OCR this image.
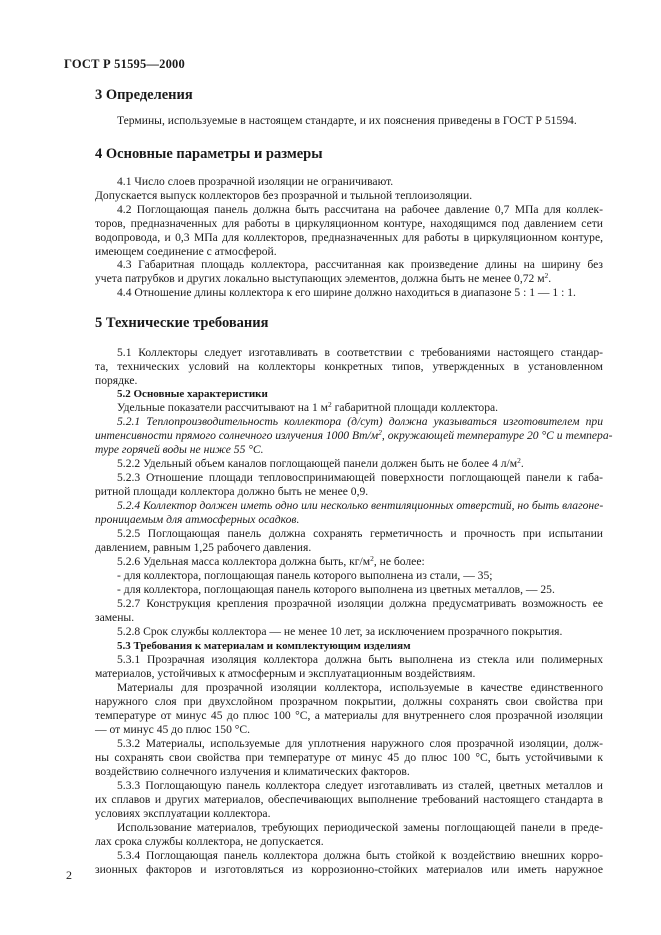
ГОСТ Р 51595—2000
3 Определения
Термины, используемые в настоящем стандарте, и их пояснения приведены в ГОСТ Р 51594.
4 Основные параметры и размеры
4.1 Число слоев прозрачной изоляции не ограничивают.
Допускается выпуск коллекторов без прозрачной и тыльной теплоизоляции.
4.2 Поглощающая панель должна быть рассчитана на рабочее давление 0,7 МПа для коллек-
торов, предназначенных для работы в циркуляционном контуре, находящимся под давлением сети
водопровода, и 0,3 МПа для коллекторов, предназначенных для работы в циркуляционном контуре,
имеющем соединение с атмосферой.
4.3 Габаритная площадь коллектора, рассчитанная как произведение длины на ширину без
учета патрубков и других локально выступающих элементов, должна быть не менее 0,72 $м^2$.
4.4 Отношение длины коллектора к его ширине должно находиться в диапазоне 5 : 1 — 1 : 1.
5 Технические требования
5.1 Коллекторы следует изготавливать в соответствии с требованиями настоящего стандар-
та, технических условий на коллекторы конкретных типов, утвержденных в установленном
порядке.
5.2 Основные характеристики
Удельные показатели рассчитывают на 1 $м^2$ габаритной площади коллектора.
5.2.1 Теплопроизводительность коллектора (д/сут) должна указываться изготовителем при
интенсивности прямого солнечного излучения 1000 $Вт/м^2$, окружающей температуре 20 °С и темпера-
туре горячей воды не ниже 55 °С.
5.2.2 Удельный объем каналов поглощающей панели должен быть не более 4 $л/м^2$.
5.2.3 Отношение площади тепловоспринимающей поверхности поглощающей панели к габа-
ритной площади коллектора должно быть не менее 0,9.
5.2.4 Коллектор должен иметь одно или несколько вентиляционных отверстий, но быть влагоне-
проницаемым для атмосферных осадков.
5.2.5 Поглощающая панель должна сохранять герметичность и прочность при испытании
давлением, равным 1,25 рабочего давления.
5.2.6 Удельная масса коллектора должна быть, $кг/м^2$, не более:
- для коллектора, поглощающая панель которого выполнена из стали, — 35;
- для коллектора, поглощающая панель которого выполнена из цветных металлов, — 25.
5.2.7 Конструкция крепления прозрачной изоляции должна предусматривать возможность ее
замены.
5.2.8 Срок службы коллектора — не менее 10 лет, за исключением прозрачного покрытия.
5.3 Требования к материалам и комплектующим изделиям
5.3.1 Прозрачная изоляция коллектора должна быть выполнена из стекла или полимерных
материалов, устойчивых к атмосферным и эксплуатационным воздействиям.
Материалы для прозрачной изоляции коллектора, используемые в качестве единственного
наружного слоя при двухслойном прозрачном покрытии, должны сохранять свои свойства при
температуре от минус 45 до плюс 100 °С, а материалы для внутреннего слоя прозрачной изоляции
— от минус 45 до плюс 150 °С.
5.3.2 Материалы, используемые для уплотнения наружного слоя прозрачной изоляции, долж-
ны сохранять свои свойства при температуре от минус 45 до плюс 100 °С, быть устойчивыми к
воздействию солнечного излучения и климатических факторов.
5.3.3 Поглощающую панель коллектора следует изготавливать из сталей, цветных металлов и
их сплавов и других материалов, обеспечивающих выполнение требований настоящего стандарта в
условиях эксплуатации коллектора.
Использование материалов, требующих периодической замены поглощающей панели в преде-
лах срока службы коллектора, не допускается.
5.3.4 Поглощающая панель коллектора должна быть стойкой к воздействию внешних корро-
зионных факторов и изготовляться из коррозионно-стойких материалов или иметь наружное
2
